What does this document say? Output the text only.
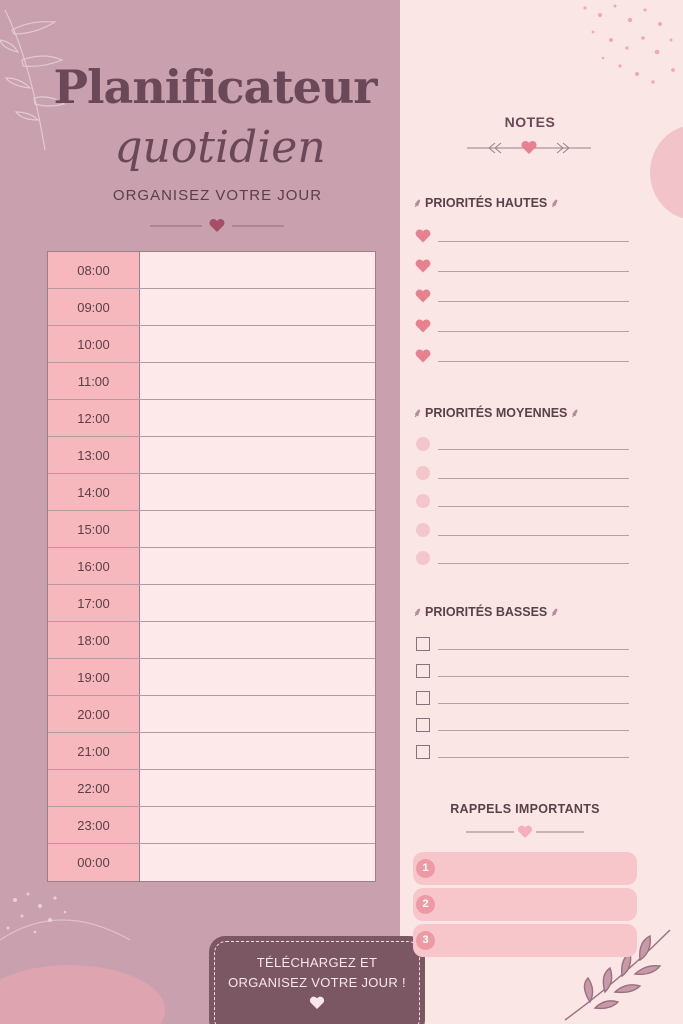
Planificateur
quotidien
ORGANISEZ VOTRE JOUR
08:00
09:00
10:00
11:00
12:00
13:00
14:00
15:00
16:00
17:00
18:00
19:00
20:00
21:00
22:00
23:00
00:00
TÉLÉCHARGEZ ET
ORGANISEZ VOTRE JOUR !
NOTES
⸙ PRIORITÉS HAUTES ⸙
⸙ PRIORITÉS MOYENNES ⸙
⸙ PRIORITÉS BASSES ⸙
RAPPELS IMPORTANTS
1
2
3
